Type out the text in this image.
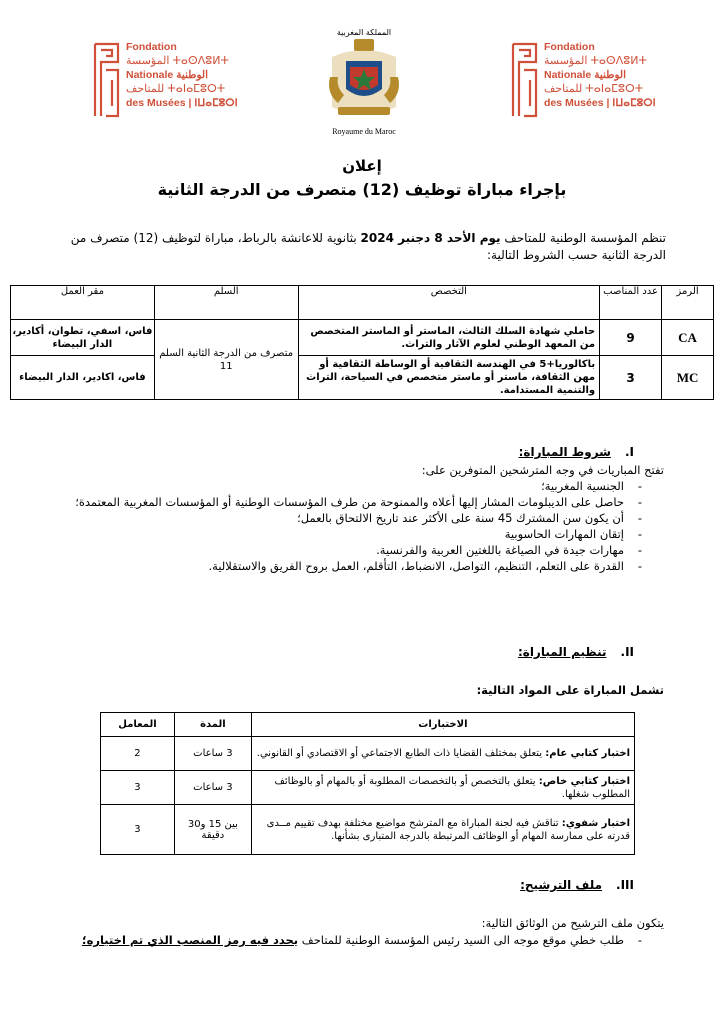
Fondation
المؤسسة ⵜⴰⵙⴷⵓⵍⵜ
Nationale الوطنية
للمتاحف ⵜⴰⵏⴰⵎⵓⵔⵜ
des Musées | ⵏⵡⴰⵎⵓⵔⵏ
المملكة المغربية
Royaume du Maroc
Fondation
المؤسسة ⵜⴰⵙⴷⵓⵍⵜ
Nationale الوطنية
للمتاحف ⵜⴰⵏⴰⵎⵓⵔⵜ
des Musées | ⵏⵡⴰⵎⵓⵔⵏ
إعلان
بإجراء مباراة توظيف (12) متصرف من الدرجة الثانية
تنظم المؤسسة الوطنية للمتاحف يوم الأحد 8 دجنبر 2024 بثانوية للاعانشة بالرباط، مباراة لتوظيف (12) متصرف من الدرجة الثانية حسب الشروط التالية:
الرمز	عدد المناصب	التخصص	السلم	مقر العمل
CA	9	حاملي شهادة السلك الثالث، الماستر أو الماستر المتخصص من المعهد الوطني لعلوم الآثار والتراث.	متصرف من الدرجة الثانية السلم 11	فاس، اسفي، تطوان، أكادير، الدار البيضاء
MC	3	باكالوريا+5 في الهندسة الثقافية أو الوساطة الثقافية أو مهن الثقافة، ماستر أو ماستر متخصص في السياحة، التراث والتنمية المستدامة.		فاس، اكادير، الدار البيضاء
I.شروط المباراة:
تفتح المباريات في وجه المترشحين المتوفرين على:
- الجنسية المغربية؛
- حاصل على الديبلومات المشار إليها أعلاه والممنوحة من طرف المؤسسات الوطنية أو المؤسسات المغربية المعتمدة؛
- أن يكون سن المشترك 45 سنة على الأكثر عند تاريخ الالتحاق بالعمل؛
- إتقان المهارات الحاسوبية
- مهارات جيدة في الصياغة باللغتين العربية والفرنسية.
- القدرة على التعلم، التنظيم، التواصل، الانضباط، التأقلم، العمل بروح الفريق والاستقلالية.
II.تنظيم المباراة:
تشمل المباراة على المواد التالية:
الاختبارات	المدة	المعامل
اختبار كتابي عام: يتعلق بمختلف القضايا ذات الطابع الاجتماعي أو الاقتصادي أو القانوني.	3 ساعات	2
اختبار كتابي خاص: يتعلق بالتخصص أو بالتخصصات المطلوبة أو بالمهام أو بالوظائف المطلوب شغلها.	3 ساعات	3
اختبار شفوي: تناقش فيه لجنة المباراة مع المترشح مواضيع مختلفة بهدف تقييم مــدى قدرته على ممارسة المهام أو الوظائف المرتبطة بالدرجة المتبارى بشأنها.	بين 15 و30 دقيقة	3
III.ملف الترشيح:
يتكون ملف الترشيح من الوثائق التالية:
- طلب خطي موقع موجه الى السيد رئيس المؤسسة الوطنية للمتاحف يحدد فيه رمز المنصب الذي تم اختياره؛
